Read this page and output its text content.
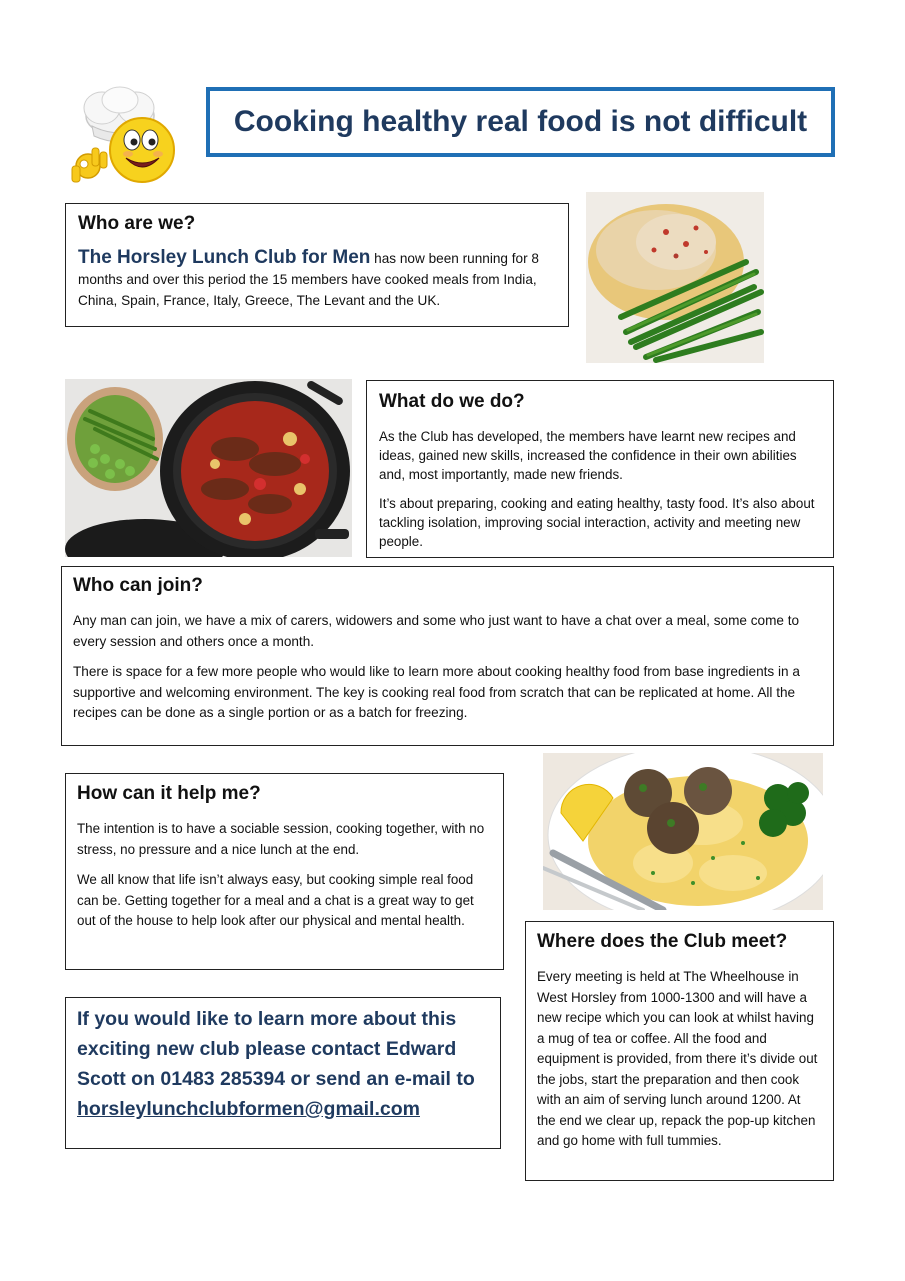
Cooking healthy real food is not difficult
Who are we?

The Horsley Lunch Club for Men has now been running for 8 months and over this period the 15 members have cooked meals from India, China, Spain, France, Italy, Greece, The Levant and the UK.

What do we do?

As the Club has developed, the members have learnt new recipes and ideas, gained new skills, increased the confidence in their own abilities and, most importantly, made new friends.

It’s about preparing, cooking and eating healthy, tasty food. It’s also about tackling isolation, improving social interaction, activity and meeting new people.

Who can join?

Any man can join, we have a mix of carers, widowers and some who just want to have a chat over a meal, some come to every session and others once a month.

There is space for a few more people who would like to learn more about cooking healthy food from base ingredients in a supportive and welcoming environment. The key is cooking real food from scratch that can be replicated at home. All the recipes can be done as a single portion or as a batch for freezing.

How can it help me?

The intention is to have a sociable session, cooking together, with no stress, no pressure and a nice lunch at the end.

We all know that life isn’t always easy, but cooking simple real food can be. Getting together for a meal and a chat is a great way to get out of the house to help look after our physical and mental health.

If you would like to learn more about this exciting new club please contact Edward Scott on 01483 285394 or send an e-mail to

horsleylunchclubformen@gmail.com

Where does the Club meet?

Every meeting is held at The Wheelhouse in West Horsley from 1000-1300 and will have a new recipe which you can look at whilst having a mug of tea or coffee. All the food and equipment is provided, from there it’s divide out the jobs, start the preparation and then cook with an aim of serving lunch around 1200. At the end we clear up, repack the pop-up kitchen and go home with full tummies.
